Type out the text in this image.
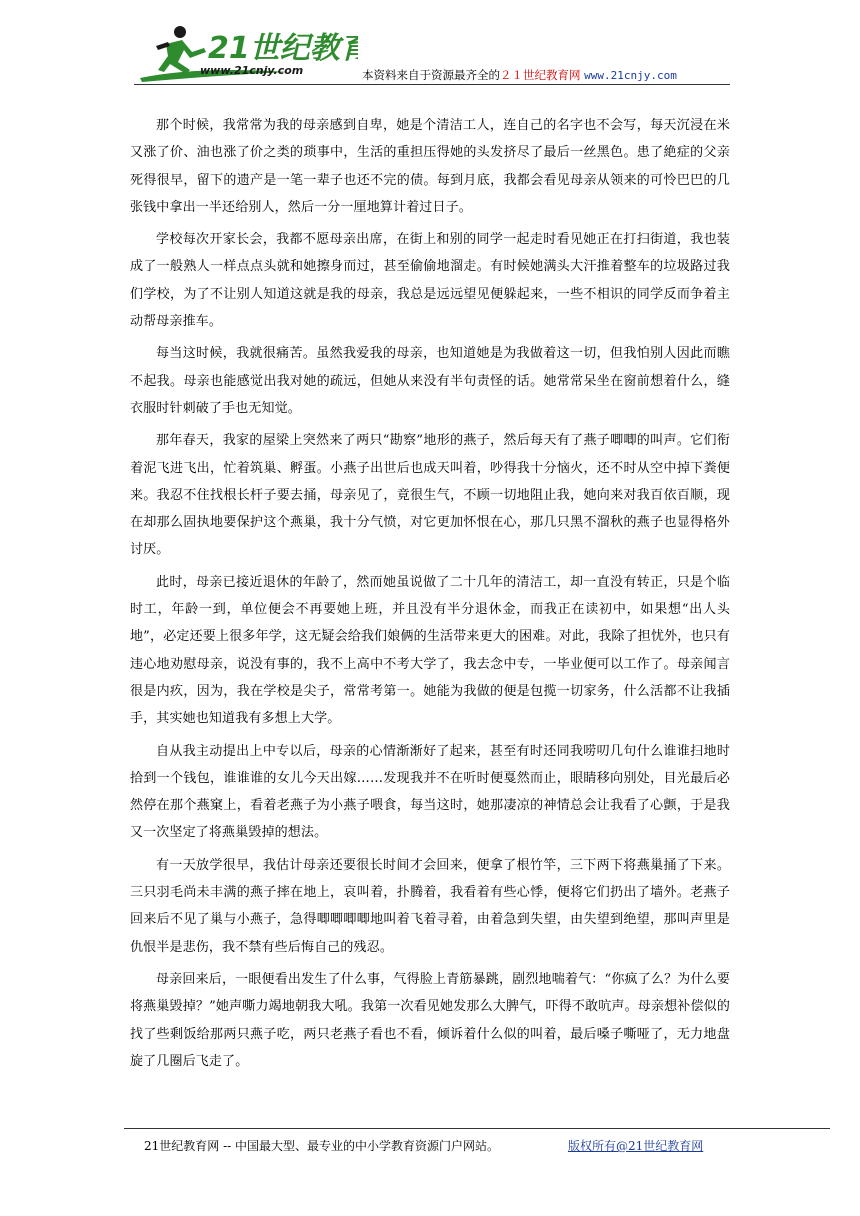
21世纪教育
www.21cnjy.com	本资料来自于资源最齐全的２１世纪教育网 www.21cnjy.com

那个时候，我常常为我的母亲感到自卑，她是个清洁工人，连自己的名字也不会写，每天沉浸在米又涨了价、油也涨了价之类的琐事中，生活的重担压得她的头发挤尽了最后一丝黑色。患了絶症的父亲死得很早，留下的遗产是一笔一辈子也还不完的债。每到月底，我都会看见母亲从领来的可怜巴巴的几张钱中拿出一半还给别人，然后一分一厘地算计着过日子。

学校每次开家长会，我都不愿母亲出席，在街上和别的同学一起走时看见她正在打扫街道，我也装成了一般熟人一样点点头就和她擦身而过，甚至偷偷地溜走。有时候她满头大汗推着整车的垃圾路过我们学校，为了不让别人知道这就是我的母亲，我总是远远望见便躲起来，一些不相识的同学反而争着主动帮母亲推车。

每当这时候，我就很痛苦。虽然我爱我的母亲，也知道她是为我做着这一切，但我怕别人因此而瞧不起我。母亲也能感觉出我对她的疏远，但她从来没有半句责怪的话。她常常呆坐在窗前想着什么，缝衣服时针刺破了手也无知觉。

那年春天，我家的屋梁上突然来了两只“勘察”地形的燕子，然后每天有了燕子唧唧的叫声。它们衔着泥飞进飞出，忙着筑巢、孵蛋。小燕子出世后也成天叫着，吵得我十分恼火，还不时从空中掉下粪便来。我忍不住找根长杆子要去捅，母亲见了，竟很生气，不顾一切地阻止我，她向来对我百依百顺，现在却那么固执地要保护这个燕巢，我十分气愤，对它更加怀恨在心，那几只黑不溜秋的燕子也显得格外讨厌。

此时，母亲已接近退休的年龄了，然而她虽说做了二十几年的清洁工，却一直没有转正，只是个临时工，年龄一到，单位便会不再要她上班，并且没有半分退休金，而我正在读初中，如果想“出人头地”，必定还要上很多年学，这无疑会给我们娘俩的生活带来更大的困难。对此，我除了担忧外，也只有违心地劝慰母亲，说没有事的，我不上高中不考大学了，我去念中专，一毕业便可以工作了。母亲闻言很是内疚，因为，我在学校是尖子，常常考第一。她能为我做的便是包揽一切家务，什么活都不让我插手，其实她也知道我有多想上大学。

自从我主动提出上中专以后，母亲的心情渐渐好了起来，甚至有时还同我唠叨几句什么谁谁扫地时拾到一个钱包，谁谁谁的女儿今天出嫁……发现我并不在听时便戛然而止，眼睛移向别处，目光最后必然停在那个燕窠上，看着老燕子为小燕子喂食，每当这时，她那凄凉的神情总会让我看了心颤，于是我又一次坚定了将燕巢毁掉的想法。

有一天放学很早，我估计母亲还要很长时间才会回来，便拿了根竹竿，三下两下将燕巢捅了下来。三只羽毛尚未丰满的燕子摔在地上，哀叫着，扑腾着，我看着有些心悸，便将它们扔出了墙外。老燕子回来后不见了巢与小燕子，急得唧唧唧唧地叫着飞着寻着，由着急到失望，由失望到绝望，那叫声里是仇恨半是悲伤，我不禁有些后悔自己的残忍。

母亲回来后，一眼便看出发生了什么事，气得脸上青筋暴跳，剧烈地喘着气：“你疯了么？为什么要将燕巢毁掉？”她声嘶力竭地朝我大吼。我第一次看见她发那么大脾气，吓得不敢吭声。母亲想补偿似的找了些剩饭给那两只燕子吃，两只老燕子看也不看，倾诉着什么似的叫着，最后嗓子嘶哑了，无力地盘旋了几圈后飞走了。

21世纪教育网 -- 中国最大型、最专业的中小学教育资源门户网站。	版权所有@21世纪教育网
